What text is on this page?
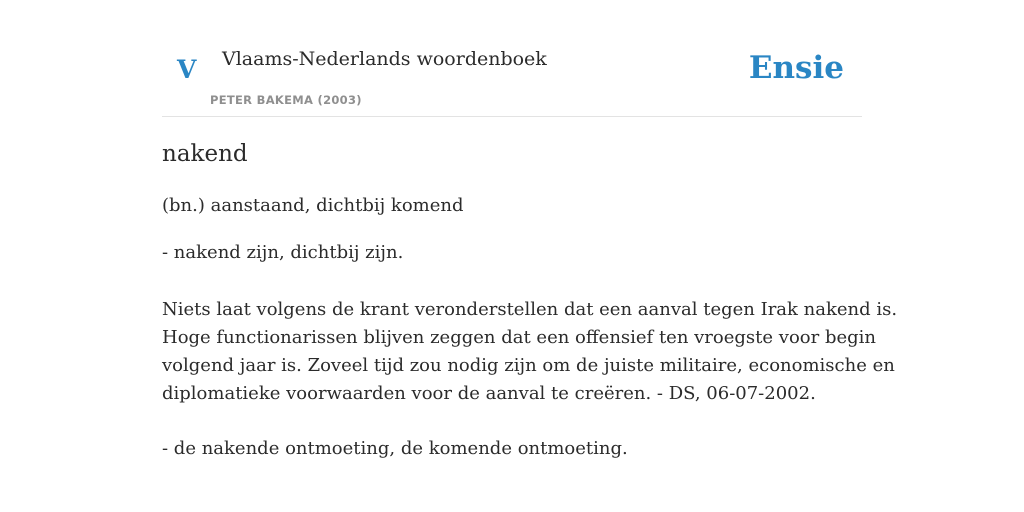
V Vlaams-Nederlands woordenboek
PETER BAKEMA (2003)
Ensie
nakend
(bn.) aanstaand, dichtbij komend
- nakend zijn, dichtbij zijn.
Niets laat volgens de krant veronderstellen dat een aanval tegen Irak nakend is.
Hoge functionarissen blijven zeggen dat een offensief ten vroegste voor begin
volgend jaar is. Zoveel tijd zou nodig zijn om de juiste militaire, economische en
diplomatieke voorwaarden voor de aanval te creëren. - DS, 06-07-2002.
- de nakende ontmoeting, de komende ontmoeting.
